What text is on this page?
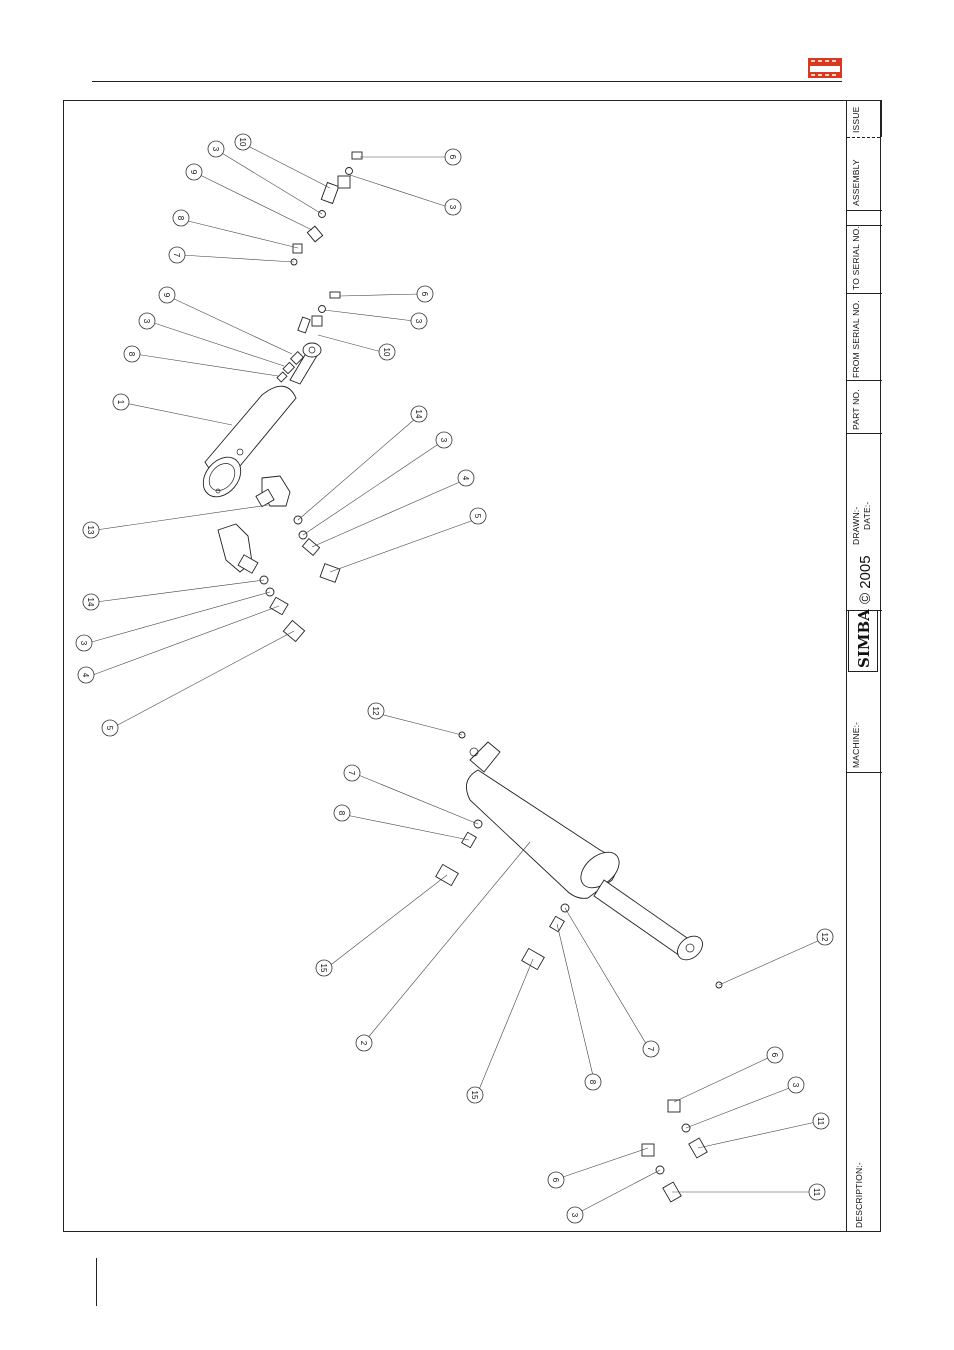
ISSUE
ASSEMBLY
TO SERIAL NO.
FROM SERIAL NO.
PART NO.
DRAWN:- DATE:-
© 2005
SIMBA
MACHINE:-
DESCRIPTION:-
10
3
6
9
3
8
7
6
3
9
3
8	10
1
14
3
4
5
13
14
3
4
5
12
7
8
15
12
2
7
8
15
6
3
11
11
6
3
